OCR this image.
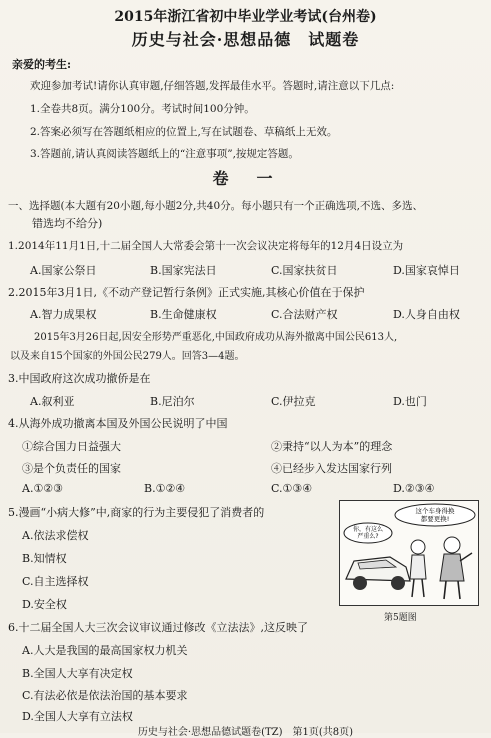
2015年浙江省初中毕业学业考试(台州卷)
历史与社会·思想品德　试题卷
亲爱的考生:
欢迎参加考试!请你认真审题,仔细答题,发挥最佳水平。答题时,请注意以下几点:
1.全卷共8页。满分100分。考试时间100分钟。
2.答案必须写在答题纸相应的位置上,写在试题卷、草稿纸上无效。
3.答题前,请认真阅读答题纸上的“注意事项”,按规定答题。
卷　一
一、选择题(本大题有20小题,每小题2分,共40分。每小题只有一个正确选项,不选、多选、
错选均不给分)
1.2014年11月1日,十二届全国人大常委会第十一次会议决定将每年的12月4日设立为
A.国家公祭日	B.国家宪法日	C.国家扶贫日	D.国家哀悼日
2.2015年3月1日,《不动产登记暂行条例》正式实施,其核心价值在于保护
A.智力成果权	B.生命健康权	C.合法财产权	D.人身自由权
2015年3月26日起,因安全形势严重恶化,中国政府成功从海外撤离中国公民613人,
以及来自15个国家的外国公民279人。回答3—4题。
3.中国政府这次成功撤侨是在
A.叙利亚	B.尼泊尔	C.伊拉克	D.也门
4.从海外成功撤离本国及外国公民说明了中国
①综合国力日益强大	②秉持“以人为本”的理念
③是个负责任的国家	④已经步入发达国家行列
A.①②③	B.①②④	C.①③④	D.②③④
5.漫画“小病大修”中,商家的行为主要侵犯了消费者的
A.依法求偿权
B.知情权
C.自主选择权
D.安全权
这个车身得换
都要更换!
你，有这么
严重么?
第5题图
6.十二届全国人大三次会议审议通过修改《立法法》,这反映了
A.人大是我国的最高国家权力机关
B.全国人大享有决定权
C.有法必依是依法治国的基本要求
D.全国人大享有立法权
历史与社会·思想品德试题卷(TZ)　第1页(共8页)
